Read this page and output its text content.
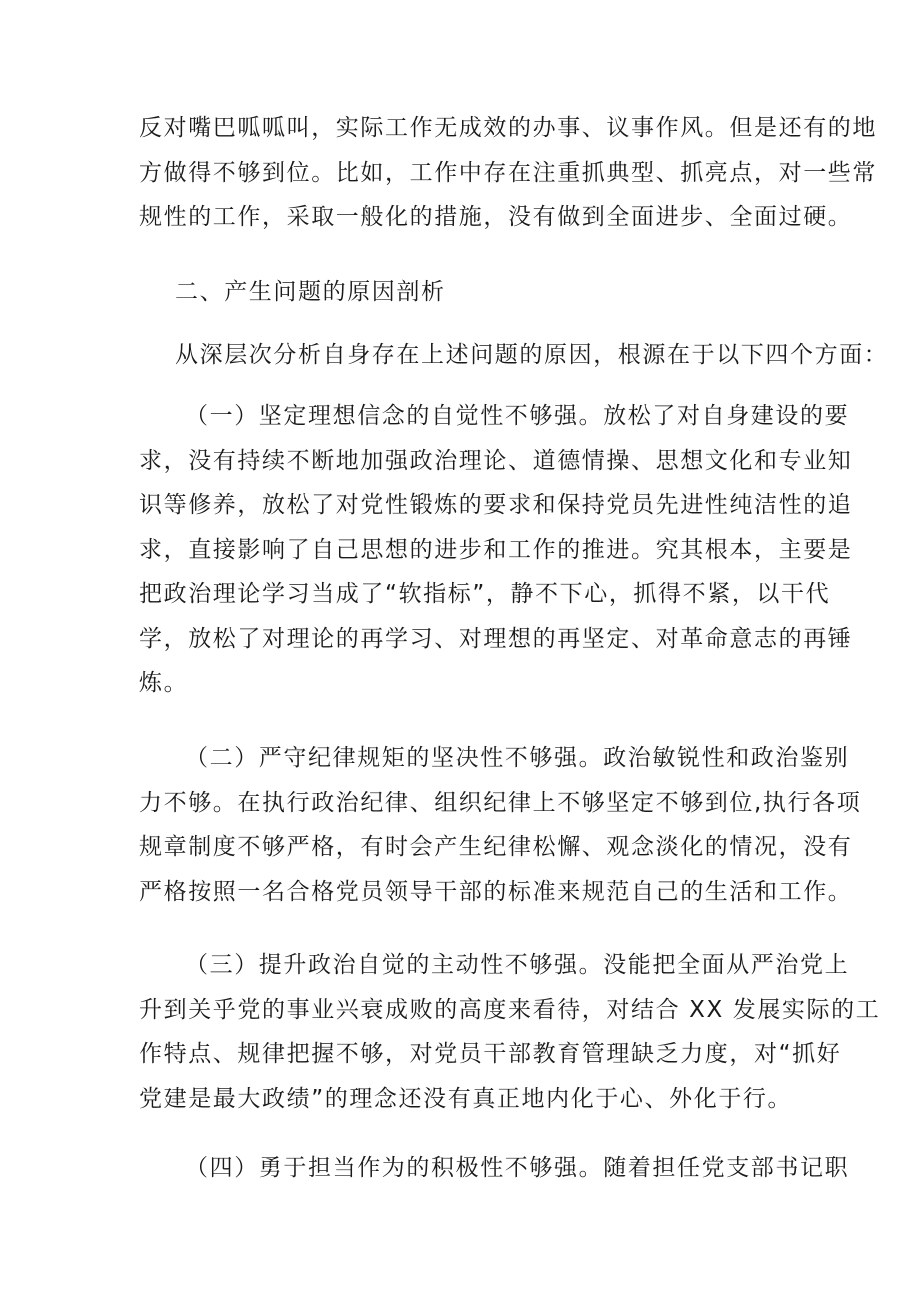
反对嘴巴呱呱叫，实际工作无成效的办事、议事作风。但是还有的地
方做得不够到位。比如，工作中存在注重抓典型、抓亮点，对一些常
规性的工作，采取一般化的措施，没有做到全面进步、全面过硬。
二、产生问题的原因剖析
从深层次分析自身存在上述问题的原因，根源在于以下四个方面：
（一）坚定理想信念的自觉性不够强。放松了对自身建设的要
求，没有持续不断地加强政治理论、道德情操、思想文化和专业知
识等修养，放松了对党性锻炼的要求和保持党员先进性纯洁性的追
求，直接影响了自己思想的进步和工作的推进。究其根本，主要是
把政治理论学习当成了“软指标”，静不下心，抓得不紧，以干代
学，放松了对理论的再学习、对理想的再坚定、对革命意志的再锤
炼。
（二）严守纪律规矩的坚决性不够强。政治敏锐性和政治鉴别
力不够。在执行政治纪律、组织纪律上不够坚定不够到位,执行各项
规章制度不够严格，有时会产生纪律松懈、观念淡化的情况，没有
严格按照一名合格党员领导干部的标准来规范自己的生活和工作。
（三）提升政治自觉的主动性不够强。没能把全面从严治党上
升到关乎党的事业兴衰成败的高度来看待，对结合 XX 发展实际的工
作特点、规律把握不够，对党员干部教育管理缺乏力度，对“抓好
党建是最大政绩”的理念还没有真正地内化于心、外化于行。
（四）勇于担当作为的积极性不够强。随着担任党支部书记职
